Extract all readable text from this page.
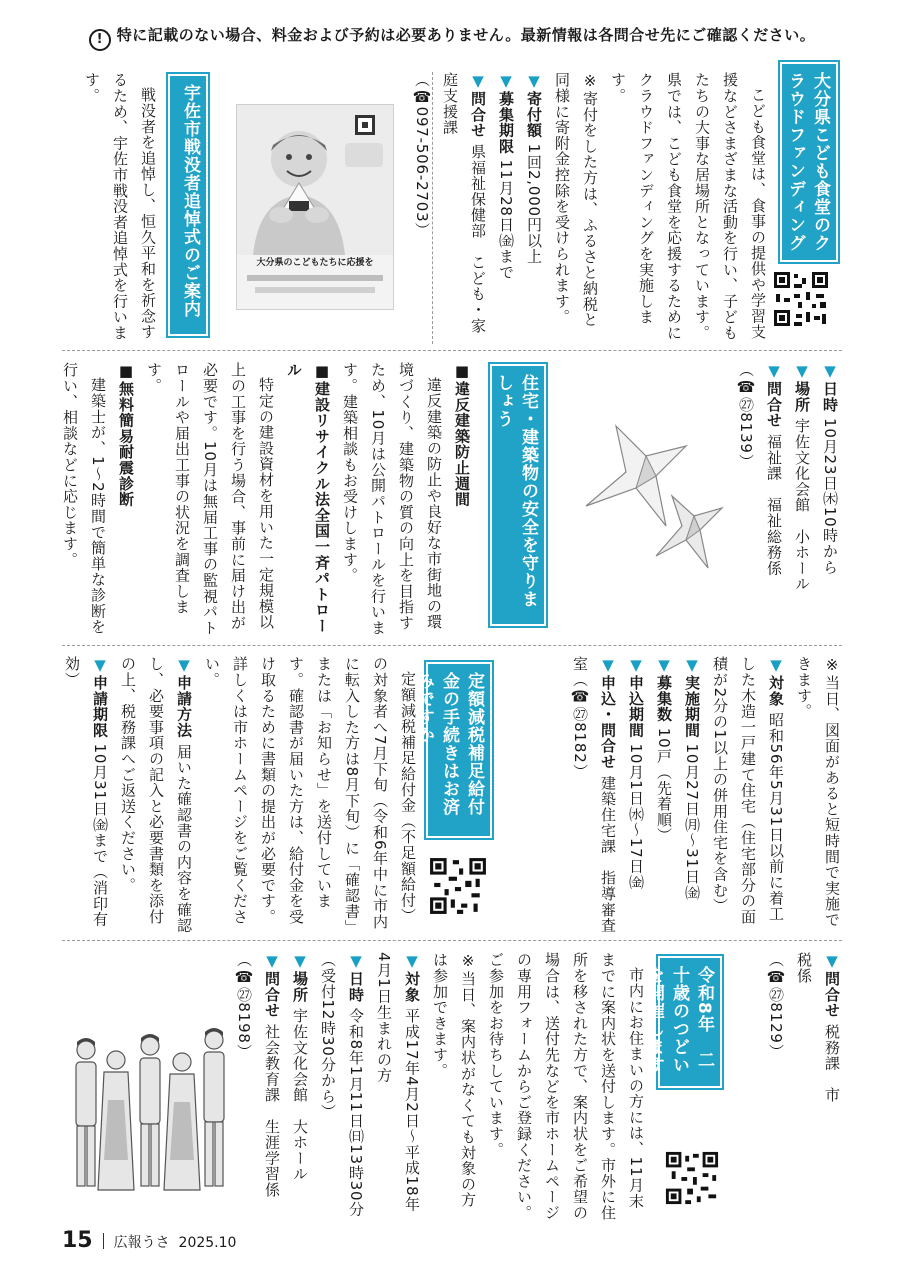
! 特に記載のない場合、料金および予約は必要ありません。最新情報は各問合せ先にご確認ください。
大分県こども食堂のクラウドファンディング

こども食堂は、食事の提供や学習支援などさまざまな活動を行い、子どもたちの大事な居場所となっています。県では、こども食堂を応援するためにクラウドファンディングを実施します。

※寄付をした方は、ふるさと納税と同様に寄附金控除を受けられます。

▼ 寄付額 1回2,000円以上

▼ 募集期限 11月28日㈮まで

▼ 問合せ 県福祉保健部　こども・家庭支援課

（☎097-506-2703）

大分県のこどもたちに応援を
宇佐市戦没者追悼式のご案内

戦没者を追悼し、恒久平和を祈念するため、宇佐市戦没者追悼式を行います。

▼ 日時 10月23日㈭10時から

▼ 場所 宇佐文化会館　小ホール

▼ 問合せ 福祉課　福祉総務係

（☎㉗8139）

住宅・建築物の安全を守りましょう

■ 違反建築防止週間

違反建築の防止や良好な市街地の環境づくり、建築物の質の向上を目指すため、10月は公開パトロールを行います。建築相談もお受けします。

■ 建設リサイクル法全国一斉パトロール

特定の建設資材を用いた一定規模以上の工事を行う場合、事前に届け出が必要です。10月は無届工事の監視パトロールや届出工事の状況を調査します。

■ 無料簡易耐震診断

建築士が、1～2時間で簡単な診断を行い、相談などに応じます。

※当日、図面があると短時間で実施できます。

▼ 対象 昭和56年5月31日以前に着工した木造一戸建て住宅（住宅部分の面積が2分の1以上の併用住宅を含む）

▼ 実施期間 10月27日㈪～31日㈮

▼ 募集数 10戸（先着順）

▼ 申込期間 10月1日㈬～17日㈮

▼ 申込・問合せ 建築住宅課　指導審査室（☎㉗8182）

定額減税補足給付金の手続きはお済みですか

定額減税補足給付金（不足額給付）の対象者へ7月下旬（令和6年中に市内に転入した方は8月下旬）に「確認書」または「お知らせ」を送付しています。確認書が届いた方は、給付金を受け取るために書類の提出が必要です。詳しくは市ホームページをご覧ください。

▼ 申請方法 届いた確認書の内容を確認し、必要事項の記入と必要書類を添付の上、税務課へご返送ください。

▼ 申請期限 10月31日㈮まで（消印有効）

▼ 問合せ 税務課　市税係

（☎㉗8129）

令和8年　二十歳のつどいを開催します

市内にお住まいの方には、11月末までに案内状を送付します。市外に住所を移された方で、案内状をご希望の場合は、送付先などを市ホームページの専用フォームからご登録ください。ご参加をお待ちしています。

※当日、案内状がなくても対象の方は参加できます。

▼ 対象 平成17年4月2日～平成18年4月1日生まれの方

▼ 日時 令和8年1月11日㈰13時30分（受付12時30分から）

▼ 場所 宇佐文化会館　大ホール

▼ 問合せ 社会教育課　生涯学習係

（☎㉗8198）

15 広報うさ 2025.10
